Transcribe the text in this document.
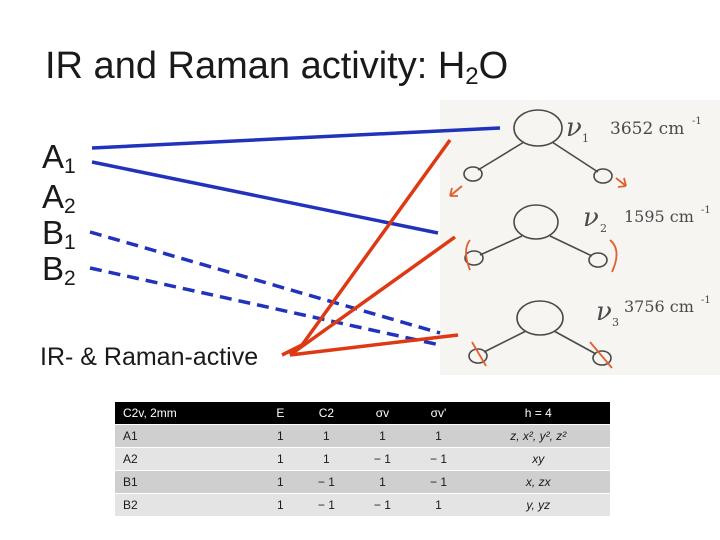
IR and Raman activity: $H_2O$
$A_1$
$A_2$
$B_1$
$B_2$
IR- & Raman-active
ν 1 3652 cm -1
ν 2
1595 cm -1
ν 3
3756 cm -1
C2v, 2mm	E	C2	σv	σv'	h = 4
A1	1	1	1	1	z, x², y², z²
A2	1	1	− 1	− 1	xy
B1	1	− 1	1	− 1	x, zx
B2	1	− 1	− 1	1	y, yz
